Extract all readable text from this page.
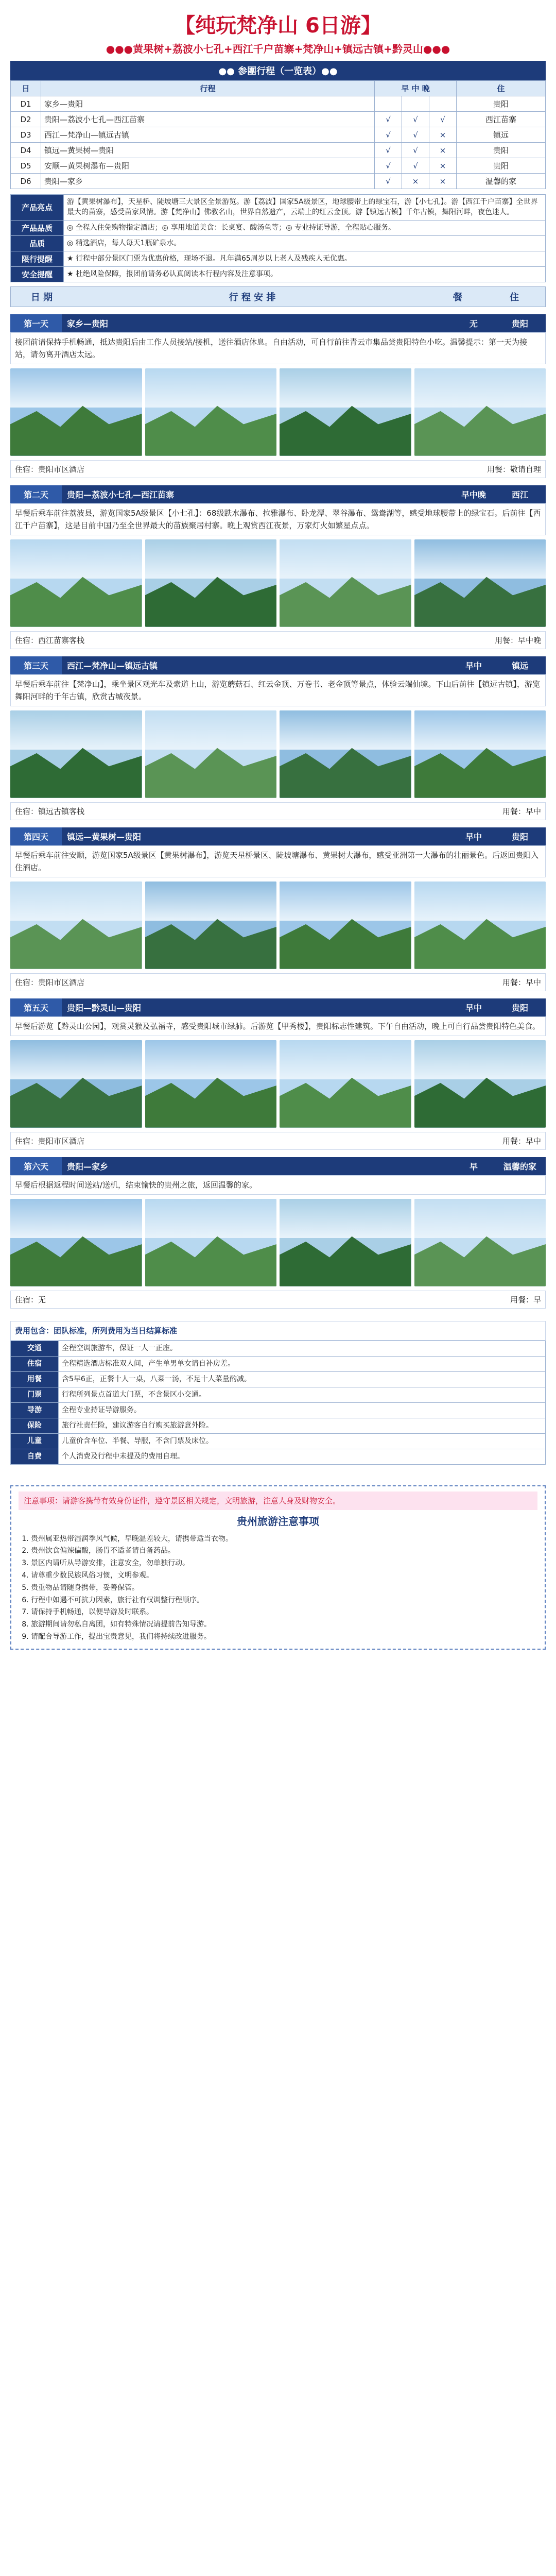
【纯玩梵净山 6日游】
●●●黄果树+荔波小七孔+西江千户苗寨+梵净山+镇远古镇+黔灵山●●●
●● 参團行程（一览表）●●
日	行程	早 中 晚			住
D1	家乡—贵阳				贵阳
D2	贵阳—荔波小七孔—西江苗寨	√	√	√	西江苗寨
D3	西江—梵净山—镇远古镇	√	√	×	镇远
D4	镇远—黄果树—贵阳	√	√	×	贵阳
D5	安顺—黄果树瀑布—贵阳	√	√	×	贵阳
D6	贵阳—家乡	√	×	×	温馨的家
产品亮点	游【黄果树瀑布】，天星桥、陡坡塘三大景区全景游览。游【荔波】国家5A级景区，地球腰带上的绿宝石，游【小七孔】。游【西江千户苗寨】全世界最大的苗寨，感受苗家风情。游【梵净山】佛教名山，世界自然遗产，云端上的红云金顶。游【镇远古镇】千年古镇，舞阳河畔，夜色迷人。
产品品质	◎ 全程入住免购物指定酒店；◎ 享用地道美食：长桌宴、酸汤鱼等；◎ 专业持证导游，全程贴心服务。
品质	◎ 精选酒店，每人每天1瓶矿泉水。
限行提醒	★ 行程中部分景区门票为优惠价格，现场不退。凡年满65周岁以上老人及残疾人无优惠。
安全提醒	★ 杜绝风险保障，报团前请务必认真阅读本行程内容及注意事项。
日 期	行 程 安 排	餐	住
第一天	家乡—贵阳	无	贵阳
接团前请保持手机畅通，抵达贵阳后由工作人员接站/接机，送往酒店休息。自由活动，可自行前往青云市集品尝贵阳特色小吃。温馨提示：第一天为接站，请勿离开酒店太远。
住宿：贵阳市区酒店	用餐：敬请自理
第二天	贵阳—荔波小七孔—西江苗寨	早中晚	西江
早餐后乘车前往荔波县，游览国家5A级景区【小七孔】：68级跌水瀑布、拉雅瀑布、卧龙潭、翠谷瀑布、鸳鸯湖等，感受地球腰带上的绿宝石。后前往【西江千户苗寨】，这是目前中国乃至全世界最大的苗族聚居村寨。晚上观赏西江夜景，万家灯火如繁星点点。
住宿：西江苗寨客栈	用餐：早中晚
第三天	西江—梵净山—镇远古镇	早中	镇远
早餐后乘车前往【梵净山】，乘坐景区观光车及索道上山，游览蘑菇石、红云金顶、万卷书、老金顶等景点，体验云端仙境。下山后前往【镇远古镇】，游览舞阳河畔的千年古镇，欣赏古城夜景。
住宿：镇远古镇客栈	用餐：早中
第四天	镇远—黄果树—贵阳	早中	贵阳
早餐后乘车前往安顺，游览国家5A级景区【黄果树瀑布】，游览天星桥景区、陡坡塘瀑布、黄果树大瀑布，感受亚洲第一大瀑布的壮丽景色。后返回贵阳入住酒店。
住宿：贵阳市区酒店	用餐：早中
第五天	贵阳—黔灵山—贵阳	早中	贵阳
早餐后游览【黔灵山公园】，观赏灵猴及弘福寺，感受贵阳城市绿肺。后游览【甲秀楼】，贵阳标志性建筑。下午自由活动，晚上可自行品尝贵阳特色美食。
住宿：贵阳市区酒店	用餐：早中
第六天	贵阳—家乡	早	温馨的家
早餐后根据返程时间送站/送机，结束愉快的贵州之旅，返回温馨的家。
住宿：无	用餐：早
费用包含：团队标准，所列费用为当日结算标准
交通	全程空调旅游车，保证一人一正座。
住宿	全程精选酒店标准双人间，产生单男单女请自补房差。
用餐	含5早6正，正餐十人一桌，八菜一汤，不足十人菜量酌减。
门票	行程所列景点首道大门票，不含景区小交通。
导游	全程专业持证导游服务。
保险	旅行社责任险，建议游客自行购买旅游意外险。
儿童	儿童价含车位、半餐、导服，不含门票及床位。
自费	个人消费及行程中未提及的费用自理。
注意事项：请游客携带有效身份证件，遵守景区相关规定，文明旅游，注意人身及财物安全。
贵州旅游注意事项
1. 贵州属亚热带湿润季风气候，早晚温差较大，请携带适当衣物。
2. 贵州饮食偏辣偏酸，肠胃不适者请自备药品。
3. 景区内请听从导游安排，注意安全，勿单独行动。
4. 请尊重少数民族风俗习惯，文明参观。
5. 贵重物品请随身携带，妥善保管。
6. 行程中如遇不可抗力因素，旅行社有权调整行程顺序。
7. 请保持手机畅通，以便导游及时联系。
8. 旅游期间请勿私自离团，如有特殊情况请提前告知导游。
9. 请配合导游工作，提出宝贵意见，我们将持续改进服务。
